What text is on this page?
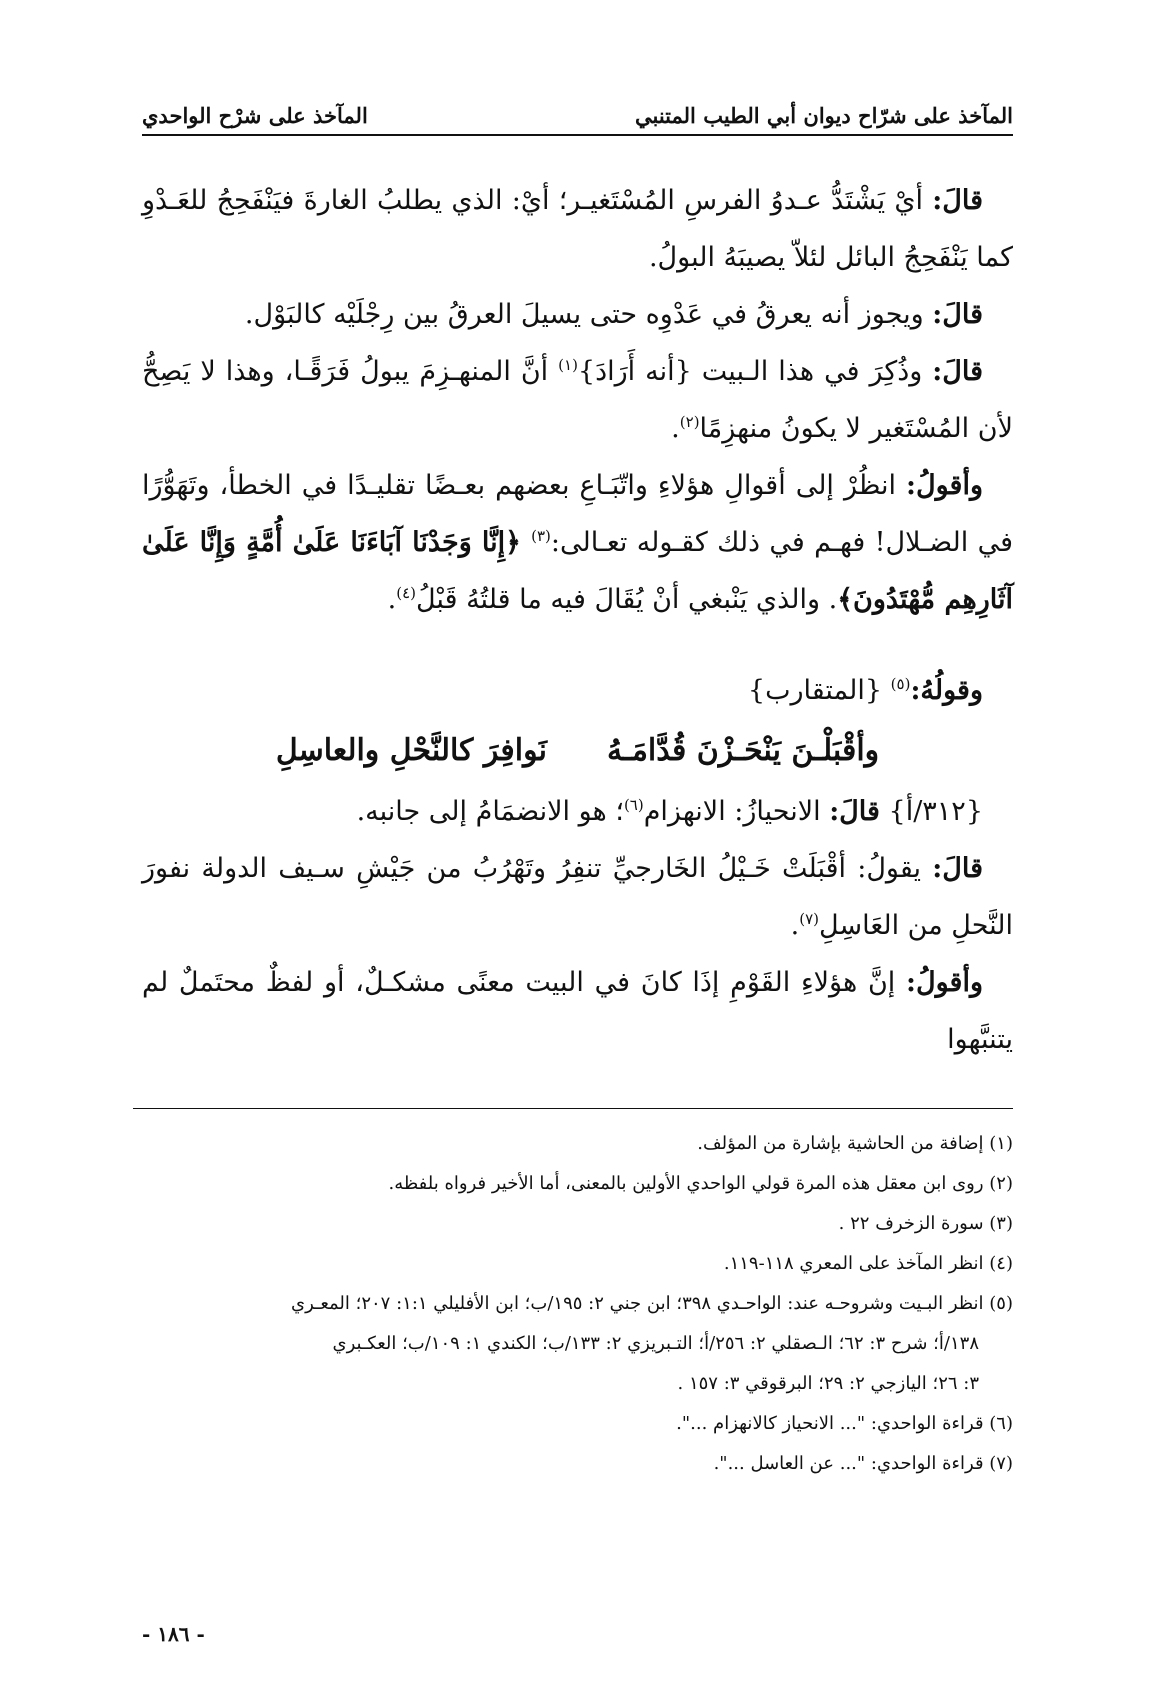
المآخذ على شرّاح ديوان أبي الطيب المتنبي
المآخذ على شرْح الواحدي

قالَ: أيْ يَشْتَدُّ عـدوُ الفرسِ المُسْتَغيـر؛ أيْ: الذي يطلبُ الغارةَ فيَنْفَحِجُ للعَـدْوِ كما يَنْفَحِجُ البائل لئلاّ يصيبَهُ البولُ.

قالَ: ويجوز أنه يعرقُ في عَدْوِه حتى يسيلَ العرقُ بين رِجْلَيْه كالبَوْل.

قالَ: وذُكِرَ في هذا الـبيت {أنه أَرَادَ}$^{(١)}$ أنَّ المنهـزِمَ يبولُ فَرَقًـا، وهذا لا يَصِحُّ لأن المُسْتَغير لا يكونُ منهزِمًا$^{(٢)}$.

وأقولُ: انظُرْ إلى أقوالِ هؤلاءِ واتّبَـاعِ بعضهم بعـضًا تقليـدًا في الخطأ، وتَهَوُّرًا في الضـلال! فهـم في ذلك كقـوله تعـالى:$^{(٣)}$ ﴿إِنَّا وَجَدْنَا آبَاءَنَا عَلَىٰ أُمَّةٍ وَإِنَّا عَلَىٰ آثَارِهِم مُّهْتَدُونَ﴾. والذي يَنْبغي أنْ يُقَالَ فيه ما قلتُهُ قَبْلُ$^{(٤)}$.

وقولُهُ:$^{(٥)}$ {المتقارب}

وأقْبَلْـنَ يَنْحَـزْنَ قُدَّامَـهُ
نَوافِرَ كالنَّحْلِ والعاسِلِ

{٣١٢/أ} قالَ: الانحيازُ: الانهزام$^{(٦)}$؛ هو الانضمَامُ إلى جانبه.

قالَ: يقولُ: أقْبَلَتْ خَـيْلُ الخَارجيِّ تنفِرُ وتَهْرُبُ من جَيْشِ سـيف الدولة نفورَ النَّحلِ من العَاسِلِ$^{(٧)}$.

وأقولُ: إنَّ هؤلاءِ القَوْمِ إذَا كانَ في البيت معنًى مشكـلٌ، أو لفظٌ محتَملٌ لم يتنبَّهوا

(١) إضافة من الحاشية بإشارة من المؤلف.

(٢) روى ابن معقل هذه المرة قولي الواحدي الأولين بالمعنى، أما الأخير فرواه بلفظه.

(٣) سورة الزخرف ٢٢ .

(٤) انظر المآخذ على المعري ١١٨-١١٩.

(٥) انظر البـيت وشروحـه عند: الواحـدي ٣٩٨؛ ابن جني ٢: ١٩٥/ب؛ ابن الأفليلي ١:١: ٢٠٧؛ المعـري

١٣٨/أ؛ شرح ٣: ٦٢؛ الـصقلي ٢: ٢٥٦/أ؛ التـبريزي ٢: ١٣٣/ب؛ الكندي ١: ١٠٩/ب؛ العكـبري

٣: ٢٦؛ اليازجي ٢: ٢٩؛ البرقوقي ٣: ١٥٧ .

(٦) قراءة الواحدي: "... الانحياز كالانهزام ...".

(٧) قراءة الواحدي: "... عن العاسل ...".

- ١٨٦ -
